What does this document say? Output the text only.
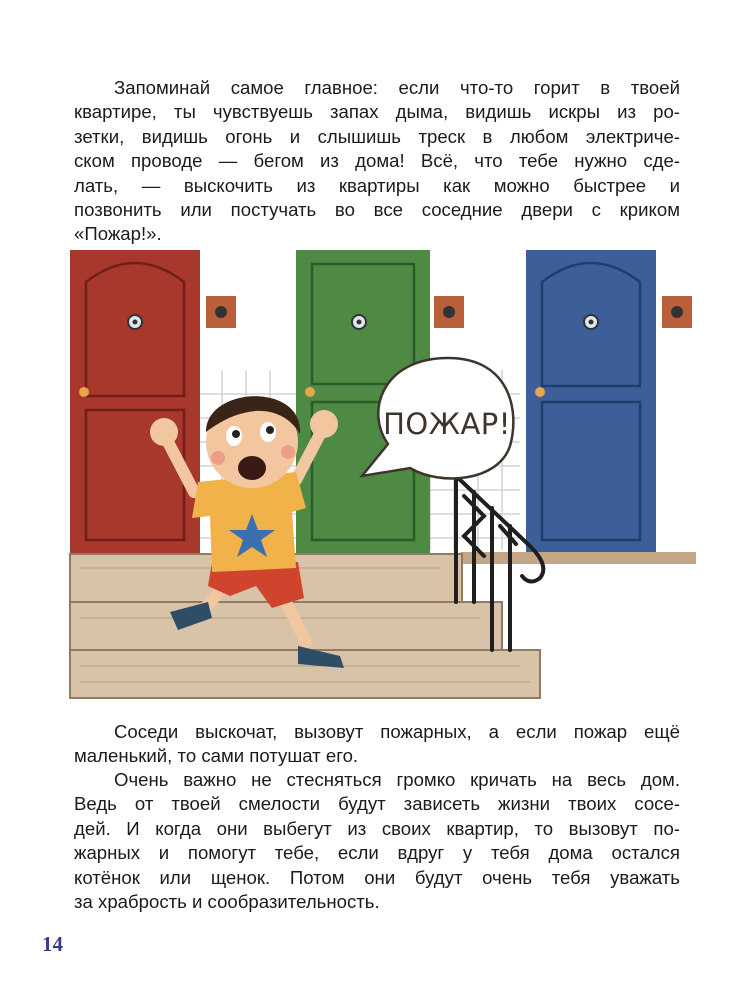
Запоминай самое главное: если что-то горит в твоей
квартире, ты чувствуешь запах дыма, видишь искры из ро-
зетки, видишь огонь и слышишь треск в любом электриче-
ском проводе — бегом из дома! Всё, что тебе нужно сде-
лать, — выскочить из квартиры как можно быстрее и
позвонить или постучать во все соседние двери с криком
«Пожар!».
ПОЖАР!
Соседи выскочат, вызовут пожарных, а если пожар ещё
маленький, то сами потушат его.
Очень важно не стесняться громко кричать на весь дом.
Ведь от твоей смелости будут зависеть жизни твоих сосе-
дей. И когда они выбегут из своих квартир, то вызовут по-
жарных и помогут тебе, если вдруг у тебя дома остался
котёнок или щенок. Потом они будут очень тебя уважать
за храбрость и сообразительность.
14
